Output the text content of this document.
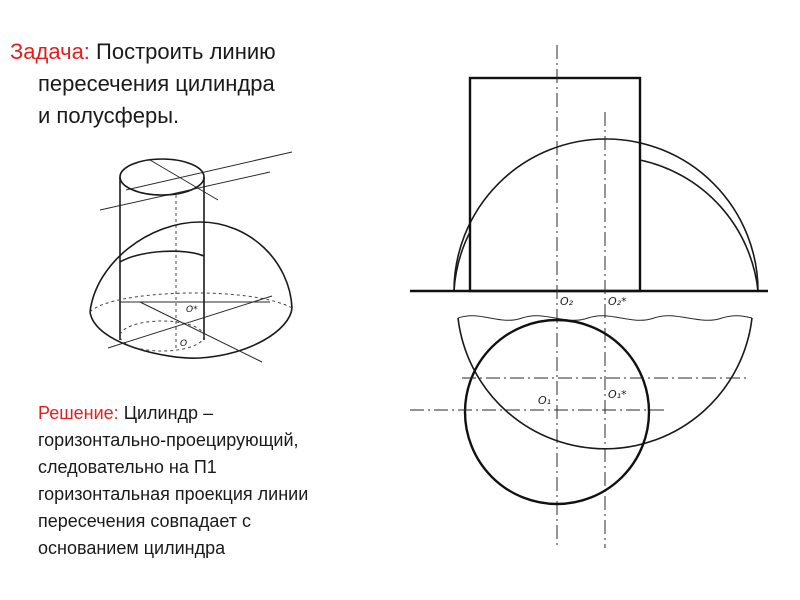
Задача: Построить линию
пересечения цилиндра
и полусферы.
O*
O
O₂	O₂*
O₁	O₁*
Решение: Цилиндр –
горизонтально-проецирующий,
следовательно на П1
горизонтальная проекция линии
пересечения совпадает с
основанием цилиндра
